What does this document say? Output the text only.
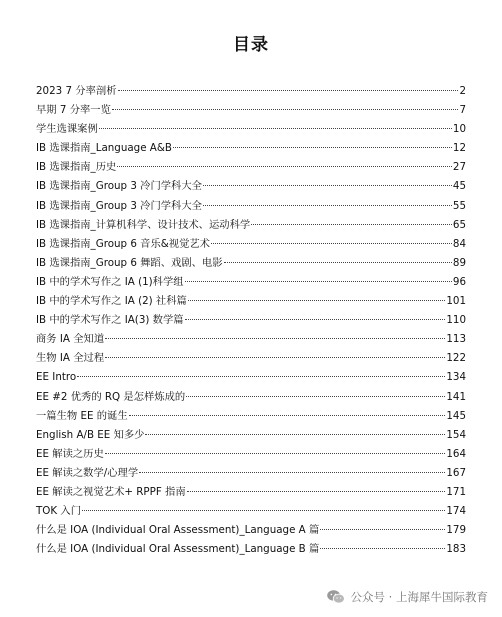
目录
2023 7 分率剖析	2
早期 7 分率一览	7
学生选课案例	10
IB 选课指南_Language A&B	12
IB 选课指南_历史	27
IB 选课指南_Group 3 冷门学科大全	45
IB 选课指南_Group 3 冷门学科大全	55
IB 选课指南_计算机科学、设计技术、运动科学	65
IB 选课指南_Group 6 音乐&视觉艺术	84
IB 选课指南_Group 6 舞蹈、戏剧、电影	89
IB 中的学术写作之 IA (1)科学组	96
IB 中的学术写作之 IA (2) 社科篇	101
IB 中的学术写作之 IA(3) 数学篇	110
商务 IA 全知道	113
生物 IA 全过程	122
EE Intro	134
EE #2 优秀的 RQ 是怎样炼成的	141
一篇生物 EE 的诞生	145
English A/B EE 知多少	154
EE 解读之历史	164
EE 解读之数学/心理学	167
EE 解读之视觉艺术+ RPPF 指南	171
TOK 入门	174
什么是 IOA (Individual Oral Assessment)_Language A 篇	179
什么是 IOA (Individual Oral Assessment)_Language B 篇	183
公众号 · 上海犀牛国际教育
